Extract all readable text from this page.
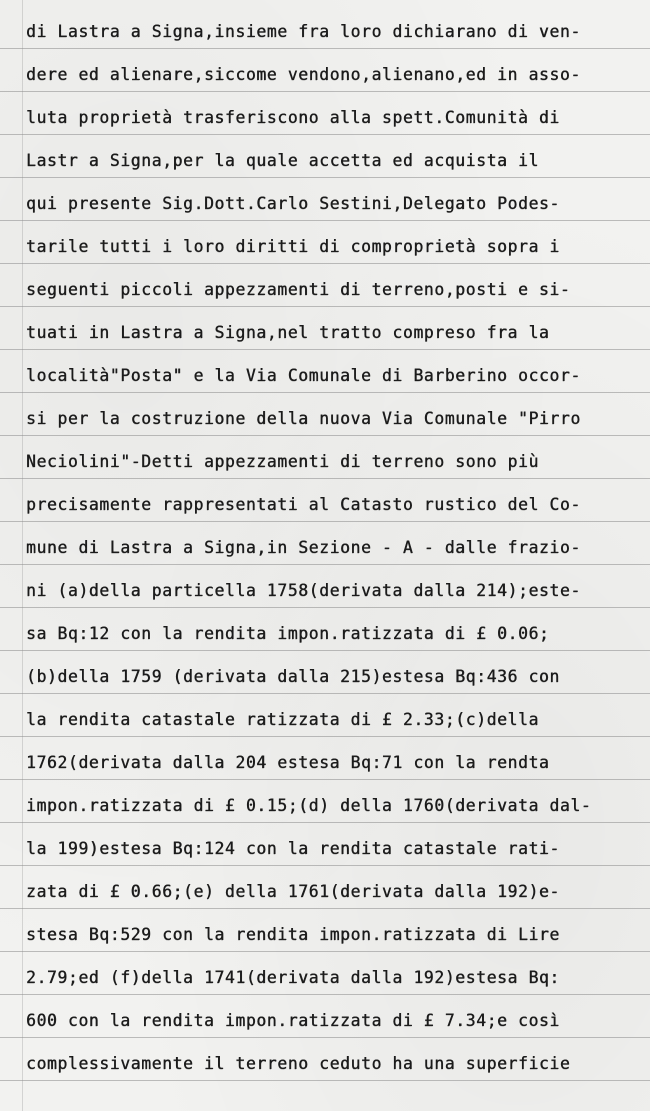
di Lastra a Signa,insieme fra loro dichiarano di ven-
dere ed alienare,siccome vendono,alienano,ed in asso-
luta proprietà trasferiscono alla spett.Comunità di
Lastr a Signa,per la quale accetta ed acquista il
qui presente Sig.Dott.Carlo Sestini,Delegato Podes-
tarile tutti i loro diritti di comproprietà sopra i
seguenti piccoli appezzamenti di terreno,posti e si-
tuati in Lastra a Signa,nel tratto compreso fra la
località"Posta" e la Via Comunale di Barberino occor-
si per la costruzione della nuova Via Comunale "Pirro
Neciolini"-Detti appezzamenti di terreno sono più
precisamente rappresentati al Catasto rustico del Co-
mune di Lastra a Signa,in Sezione - A - dalle frazio-
ni (a)della particella 1758(derivata dalla 214);este-
sa Bq:12 con la rendita impon.ratizzata di £ 0.06;
(b)della 1759 (derivata dalla 215)estesa Bq:436 con
la rendita catastale ratizzata di £ 2.33;(c)della
1762(derivata dalla 204 estesa Bq:71 con la rendta
impon.ratizzata di £ 0.15;(d) della 1760(derivata dal-
la 199)estesa Bq:124 con la rendita catastale rati-
zata di £ 0.66;(e) della 1761(derivata dalla 192)e-
stesa Bq:529 con la rendita impon.ratizzata di Lire
2.79;ed (f)della 1741(derivata dalla 192)estesa Bq:
600 con la rendita impon.ratizzata di £ 7.34;e così
complessivamente il terreno ceduto ha una superficie
